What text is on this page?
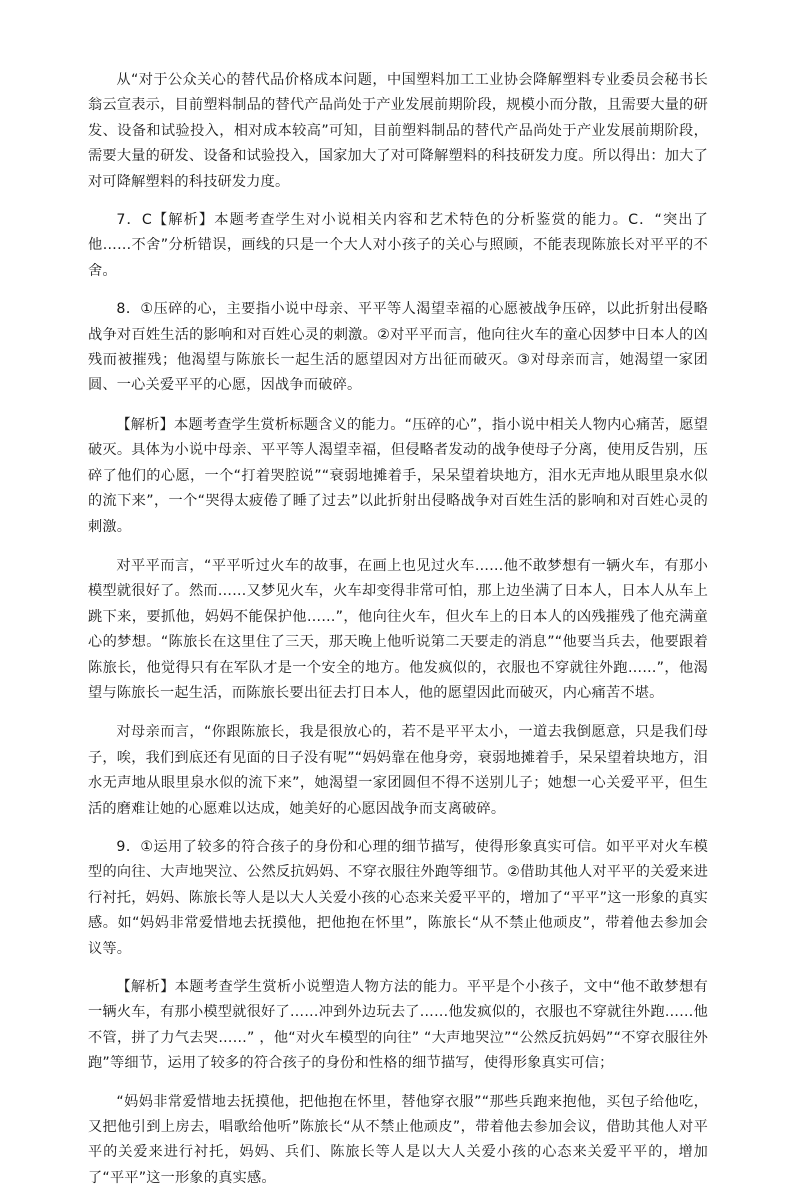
从“对于公众关心的替代品价格成本问题，中国塑料加工工业协会降解塑料专业委员会秘书长翁云宣表示，目前塑料制品的替代产品尚处于产业发展前期阶段，规模小而分散，且需要大量的研发、设备和试验投入，相对成本较高”可知，目前塑料制品的替代产品尚处于产业发展前期阶段，需要大量的研发、设备和试验投入，国家加大了对可降解塑料的科技研发力度。所以得出：加大了对可降解塑料的科技研发力度。

7．C【解析】本题考查学生对小说相关内容和艺术特色的分析鉴赏的能力。C．“突出了他……不舍”分析错误，画线的只是一个大人对小孩子的关心与照顾，不能表现陈旅长对平平的不舍。

8．①压碎的心，主要指小说中母亲、平平等人渴望幸福的心愿被战争压碎，以此折射出侵略战争对百姓生活的影响和对百姓心灵的刺激。②对平平而言，他向往火车的童心因梦中日本人的凶残而被摧残；他渴望与陈旅长一起生活的愿望因对方出征而破灭。③对母亲而言，她渴望一家团圆、一心关爱平平的心愿，因战争而破碎。

【解析】本题考查学生赏析标题含义的能力。“压碎的心”，指小说中相关人物内心痛苦，愿望破灭。具体为小说中母亲、平平等人渴望幸福，但侵略者发动的战争使母子分离，使用反告别，压碎了他们的心愿，一个“打着哭腔说”“衰弱地摊着手，呆呆望着块地方，泪水无声地从眼里泉水似的流下来”，一个“哭得太疲倦了睡了过去”以此折射出侵略战争对百姓生活的影响和对百姓心灵的刺激。

对平平而言，“平平听过火车的故事，在画上也见过火车……他不敢梦想有一辆火车，有那小模型就很好了。然而……又梦见火车，火车却变得非常可怕，那上边坐满了日本人，日本人从车上跳下来，要抓他，妈妈不能保护他……”，他向往火车，但火车上的日本人的凶残摧残了他充满童心的梦想。“陈旅长在这里住了三天，那天晚上他听说第二天要走的消息”“他要当兵去，他要跟着陈旅长，他觉得只有在军队才是一个安全的地方。他发疯似的，衣服也不穿就往外跑……”，他渴望与陈旅长一起生活，而陈旅长要出征去打日本人，他的愿望因此而破灭，内心痛苦不堪。

对母亲而言，“你跟陈旅长，我是很放心的，若不是平平太小，一道去我倒愿意，只是我们母子，唉，我们到底还有见面的日子没有呢”“妈妈靠在他身旁，衰弱地摊着手，呆呆望着块地方，泪水无声地从眼里泉水似的流下来”，她渴望一家团圆但不得不送别儿子；她想一心关爱平平，但生活的磨难让她的心愿难以达成，她美好的心愿因战争而支离破碎。

9．①运用了较多的符合孩子的身份和心理的细节描写，使得形象真实可信。如平平对火车模型的向往、大声地哭泣、公然反抗妈妈、不穿衣服往外跑等细节。②借助其他人对平平的关爱来进行衬托，妈妈、陈旅长等人是以大人关爱小孩的心态来关爱平平的，增加了“平平”这一形象的真实感。如“妈妈非常爱惜地去抚摸他，把他抱在怀里”，陈旅长“从不禁止他顽皮”，带着他去参加会议等。

【解析】本题考查学生赏析小说塑造人物方法的能力。平平是个小孩子，文中“他不敢梦想有一辆火车，有那小模型就很好了……冲到外边玩去了……他发疯似的，衣服也不穿就往外跑……他不管，拼了力气去哭……” ，他“对火车模型的向往” “大声地哭泣”“公然反抗妈妈”“不穿衣服往外跑”等细节，运用了较多的符合孩子的身份和性格的细节描写，使得形象真实可信；

“妈妈非常爱惜地去抚摸他，把他抱在怀里，替他穿衣服”“那些兵跑来抱他，买包子给他吃，又把他引到上房去，唱歌给他听”陈旅长“从不禁止他顽皮”，带着他去参加会议，借助其他人对平平的关爱来进行衬托，妈妈、兵们、陈旅长等人是以大人关爱小孩的心态来关爱平平的，增加了“平平”这一形象的真实感。
